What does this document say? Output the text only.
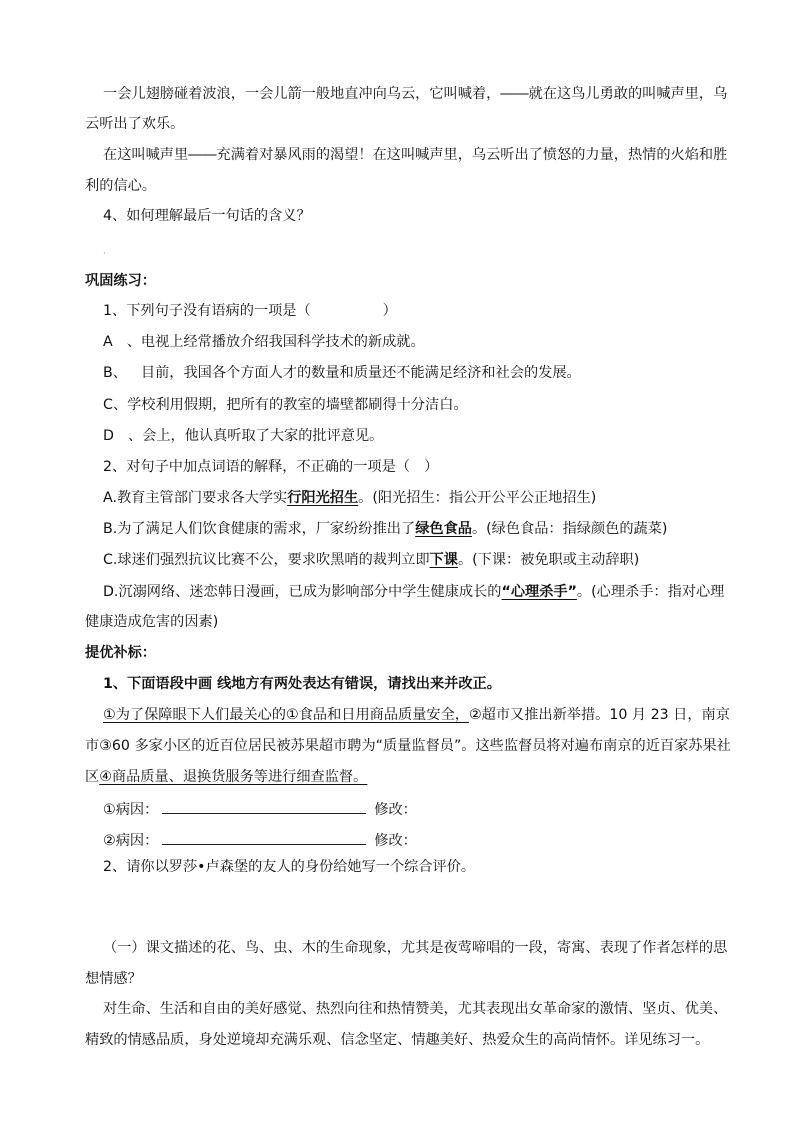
一会儿翅膀碰着波浪，一会儿箭一般地直冲向乌云，它叫喊着，――就在这鸟儿勇敢的叫喊声里，乌
云听出了欢乐。
在这叫喊声里――充满着对暴风雨的渴望！在这叫喊声里，乌云听出了愤怒的力量，热情的火焰和胜
利的信心。
4、如何理解最后一句话的含义？
·
巩固练习：
1、下列句子没有语病的一项是（	）
A 、电视上经常播放介绍我国科学技术的新成就。
B、 目前，我国各个方面人才的数量和质量还不能满足经济和社会的发展。
C、学校利用假期，把所有的教室的墙壁都刷得十分洁白。
D 、会上，他认真听取了大家的批评意见。
2、对句子中加点词语的解释，不正确的一项是（　）
A.教育主管部门要求各大学实行阳光招生。(阳光招生：指公开公平公正地招生)
B.为了满足人们饮食健康的需求，厂家纷纷推出了绿色食品。(绿色食品：指绿颜色的蔬菜)
C.球迷们强烈抗议比赛不公，要求吹黑哨的裁判立即下课。(下课：被免职或主动辞职)
D.沉溺网络、迷恋韩日漫画，已成为影响部分中学生健康成长的“心理杀手”。(心理杀手：指对心理
健康造成危害的因素)
提优补标：
1、下面语段中画 线地方有两处表达有错误，请找出来并改正。
①为了保障眼下人们最关心的①食品和日用商品质量安全，②超市又推出新举措。10 月 23 日，南京
市③60 多家小区的近百位居民被苏果超市聘为“质量监督员”。这些监督员将对遍布南京的近百家苏果社
区④商品质量、退换货服务等进行细查监督。
①病因：	修改：
②病因：	修改：
2、请你以罗莎•卢森堡的友人的身份给她写一个综合评价。
（一）课文描述的花、鸟、虫、木的生命现象，尤其是夜莺啼唱的一段，寄寓、表现了作者怎样的思
想情感？
对生命、生活和自由的美好感觉、热烈向往和热情赞美，尤其表现出女革命家的激情、坚贞、优美、
精致的情感品质，身处逆境却充满乐观、信念坚定、情趣美好、热爱众生的高尚情怀。详见练习一。
